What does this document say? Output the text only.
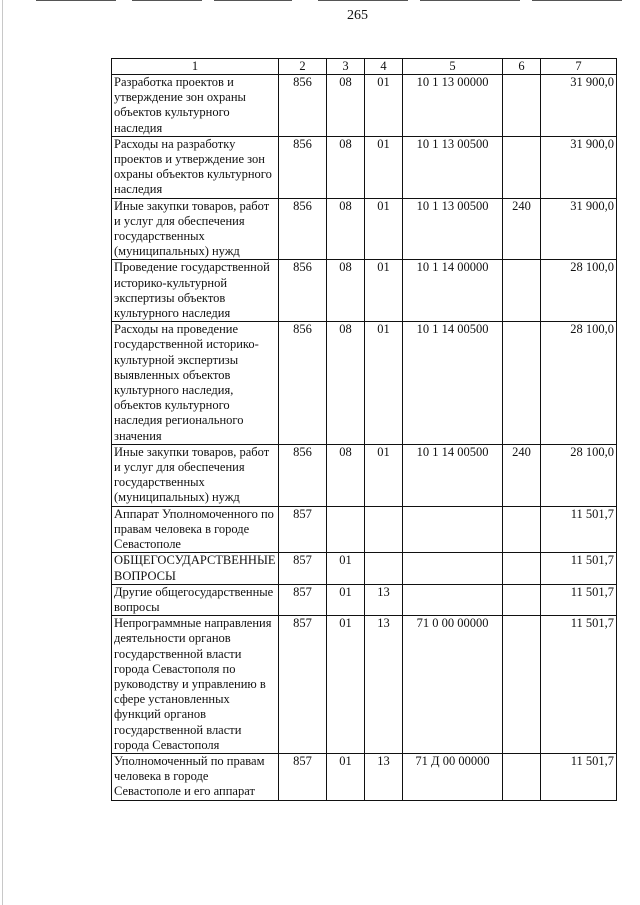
265
1	2	3	4	5	6	7
Разработка проектов и утверждение зон охраны объектов культурного наследия	856	08	01	10 1 13 00000		31 900,0
Расходы на разработку проектов и утверждение зон охраны объектов культурного наследия	856	08	01	10 1 13 00500		31 900,0
Иные закупки товаров, работ и услуг для обеспечения государственных (муниципальных) нужд	856	08	01	10 1 13 00500	240	31 900,0
Проведение государственной историко-культурной экспертизы объектов культурного наследия	856	08	01	10 1 14 00000		28 100,0
Расходы на проведение государственной историко-культурной экспертизы выявленных объектов культурного наследия, объектов культурного наследия регионального значения	856	08	01	10 1 14 00500		28 100,0
Иные закупки товаров, работ и услуг для обеспечения государственных (муниципальных) нужд	856	08	01	10 1 14 00500	240	28 100,0
Аппарат Уполномоченного по правам человека в городе Севастополе	857					11 501,7
ОБЩЕГОСУДАРСТВЕННЫЕ ВОПРОСЫ	857	01				11 501,7
Другие общегосударственные вопросы	857	01	13			11 501,7
Непрограммные направления деятельности органов государственной власти города Севастополя по руководству и управлению в сфере установленных функций органов государственной власти города Севастополя	857	01	13	71 0 00 00000		11 501,7
Уполномоченный по правам человека в городе Севастополе и его аппарат	857	01	13	71 Д 00 00000		11 501,7
